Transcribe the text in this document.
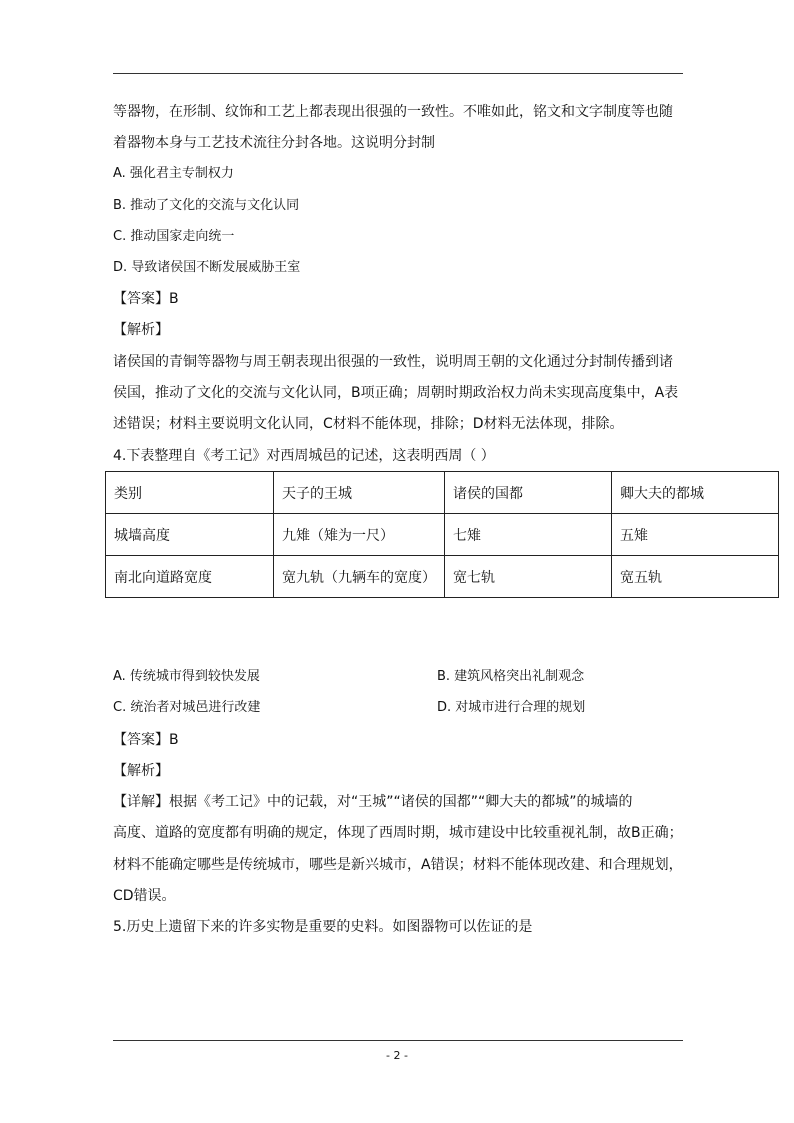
等器物，在形制、纹饰和工艺上都表现出很强的一致性。不唯如此，铭文和文字制度等也随
着器物本身与工艺技术流往分封各地。这说明分封制
A. 强化君主专制权力
B. 推动了文化的交流与文化认同
C. 推动国家走向统一
D. 导致诸侯国不断发展威胁王室
【答案】B
【解析】
诸侯国的青铜等器物与周王朝表现出很强的一致性，说明周王朝的文化通过分封制传播到诸
侯国，推动了文化的交流与文化认同，B项正确；周朝时期政治权力尚未实现高度集中，A表
述错误；材料主要说明文化认同，C材料不能体现，排除；D材料无法体现，排除。
4.下表整理自《考工记》对西周城邑的记述，这表明西周（ ）
类别	天子的王城	诸侯的国都	卿大夫的都城
城墙高度	九雉（雉为一尺）	七雉	五雉
南北向道路宽度	宽九轨（九辆车的宽度）	宽七轨	宽五轨
A. 传统城市得到较快发展	B. 建筑风格突出礼制观念
C. 统治者对城邑进行改建	D. 对城市进行合理的规划
【答案】B
【解析】
【详解】根据《考工记》中的记载，对“王城”“诸侯的国都”“卿大夫的都城”的城墙的
高度、道路的宽度都有明确的规定，体现了西周时期，城市建设中比较重视礼制，故B正确；
材料不能确定哪些是传统城市，哪些是新兴城市，A错误；材料不能体现改建、和合理规划，
CD错误。
5.历史上遗留下来的许多实物是重要的史料。如图器物可以佐证的是
- 2 -
